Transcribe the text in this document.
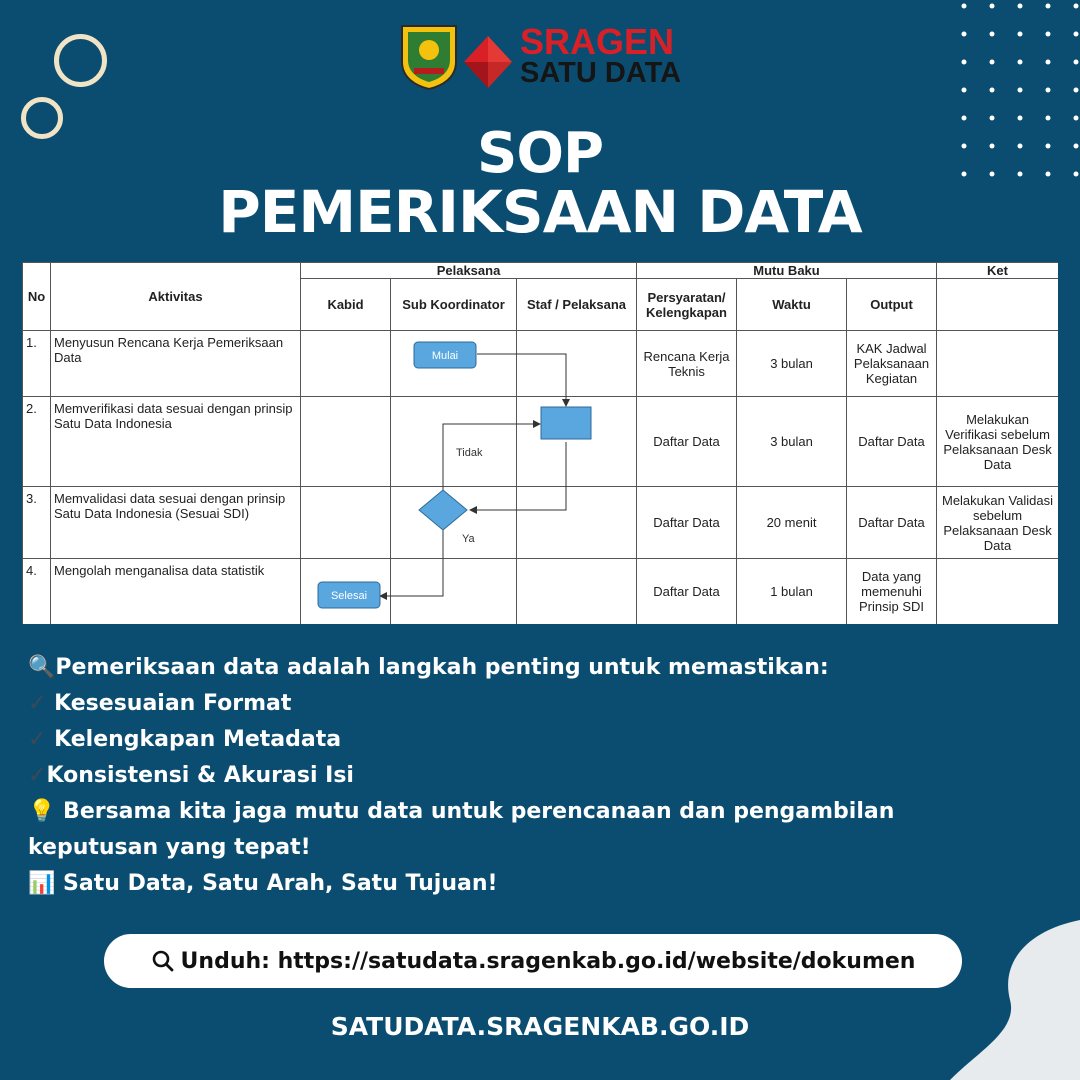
SRAGEN
SATU DATA
SOP
PEMERIKSAAN DATA
No	Aktivitas	Pelaksana			Mutu Baku			Ket
		Kabid	Sub Koordinator	Staf / Pelaksana	Persyaratan/ Kelengkapan	Waktu	Output	
1.	Menyusun Rencana Kerja Pemeriksaan Data				Rencana Kerja Teknis	3 bulan	KAK Jadwal Pelaksanaan Kegiatan	
2.	Memverifikasi data sesuai dengan prinsip Satu Data Indonesia				Daftar Data	3 bulan	Daftar Data	Melakukan Verifikasi sebelum Pelaksanaan Desk Data
3.	Memvalidasi data sesuai dengan prinsip Satu Data Indonesia (Sesuai SDI)				Daftar Data	20 menit	Daftar Data	Melakukan Validasi sebelum Pelaksanaan Desk Data
4.	Mengolah menganalisa data statistik				Daftar Data	1 bulan	Data yang memenuhi Prinsip SDI	
Mulai
Tidak
Ya
Selesai
🔍Pemeriksaan data adalah langkah penting untuk memastikan:
✓ Kesesuaian Format
✓ Kelengkapan Metadata
✓Konsistensi & Akurasi Isi
💡 Bersama kita jaga mutu data untuk perencanaan dan pengambilan
keputusan yang tepat!
📊 Satu Data, Satu Arah, Satu Tujuan!
Unduh: https://satudata.sragenkab.go.id/website/dokumen
SATUDATA.SRAGENKAB.GO.ID
